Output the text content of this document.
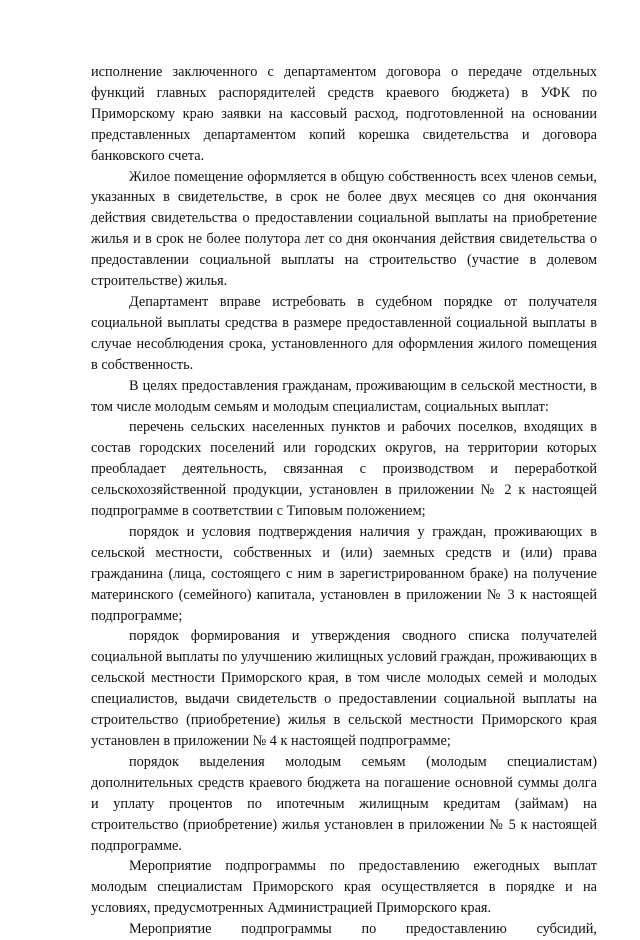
исполнение заключенного с департаментом договора о передаче отдельных функций главных распорядителей средств краевого бюджета) в УФК по Приморскому краю заявки на кассовый расход, подготовленной на основании представленных департаментом копий корешка свидетельства и договора банковского счета.

Жилое помещение оформляется в общую собственность всех членов семьи, указанных в свидетельстве, в срок не более двух месяцев со дня окончания действия свидетельства о предоставлении социальной выплаты на приобретение жилья и в срок не более полутора лет со дня окончания действия свидетельства о предоставлении социальной выплаты на строительство (участие в долевом строительстве) жилья.

Департамент вправе истребовать в судебном порядке от получателя социальной выплаты средства в размере предоставленной социальной выплаты в случае несоблюдения срока, установленного для оформления жилого помещения в собственность.

В целях предоставления гражданам, проживающим в сельской местности, в том числе молодым семьям и молодым специалистам, социальных выплат:

перечень сельских населенных пунктов и рабочих поселков, входящих в состав городских поселений или городских округов, на территории которых преобладает деятельность, связанная с производством и переработкой сельскохозяйственной продукции, установлен в приложении № 2 к настоящей подпрограмме в соответствии с Типовым положением;

порядок и условия подтверждения наличия у граждан, проживающих в сельской местности, собственных и (или) заемных средств и (или) права гражданина (лица, состоящего с ним в зарегистрированном браке) на получение материнского (семейного) капитала, установлен в приложении № 3 к настоящей подпрограмме;

порядок формирования и утверждения сводного списка получателей социальной выплаты по улучшению жилищных условий граждан, проживающих в сельской местности Приморского края, в том числе молодых семей и молодых специалистов, выдачи свидетельств о предоставлении социальной выплаты на строительство (приобретение) жилья в сельской местности Приморского края установлен в приложении № 4 к настоящей подпрограмме;

порядок выделения молодым семьям (молодым специалистам) дополнительных средств краевого бюджета на погашение основной суммы долга и уплату процентов по ипотечным жилищным кредитам (займам) на строительство (приобретение) жилья установлен в приложении № 5 к настоящей подпрограмме.

Мероприятие подпрограммы по предоставлению ежегодных выплат молодым специалистам Приморского края осуществляется в порядке и на условиях, предусмотренных Администрацией Приморского края.

Мероприятие подпрограммы по предоставлению субсидий,
